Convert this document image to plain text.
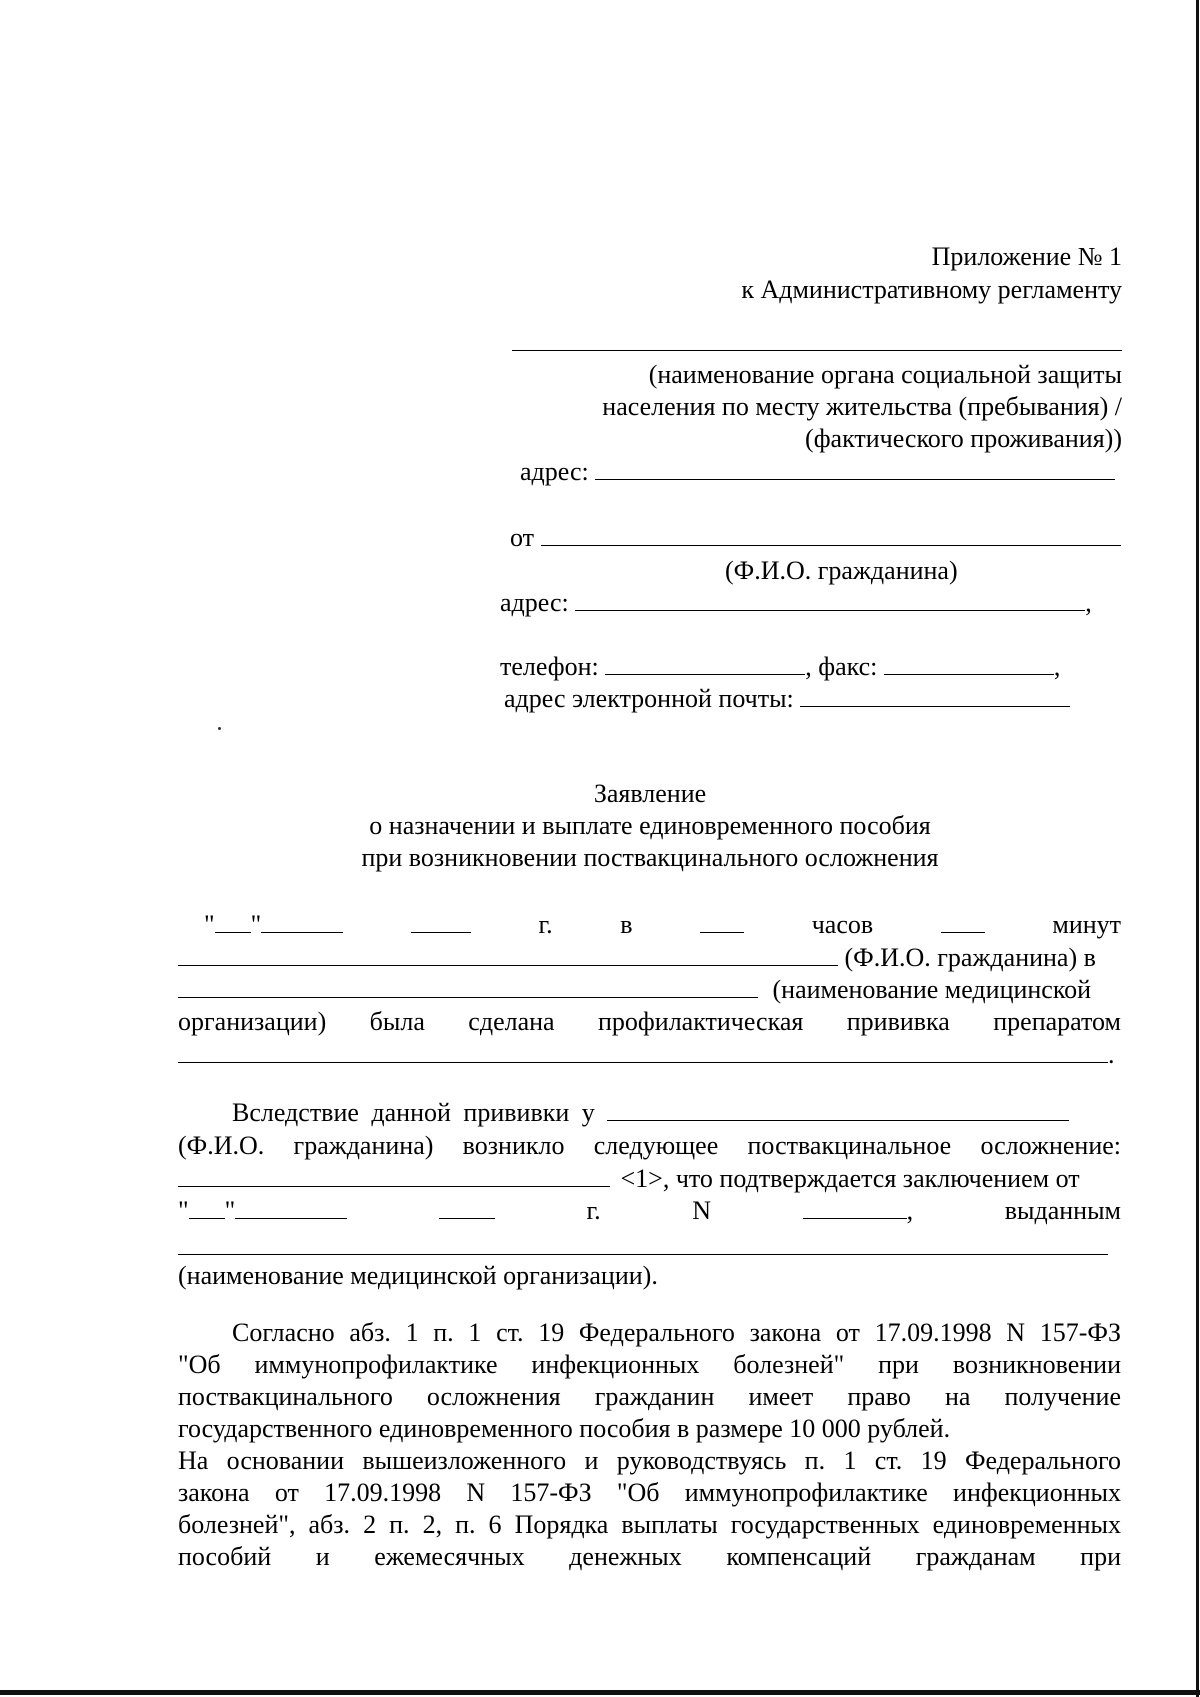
Приложение № 1
к Административному регламенту
(наименование органа социальной защиты
населения по месту жительства (пребывания) /
(фактического проживания))
адрес:
от
(Ф.И.О. гражданина)
адрес:	,
телефон:	, факс:	,
адрес электронной почты:
Заявление
о назначении и выплате единовременного пособия
при возникновении поствакцинального осложнения
" "	г.	в	часов	минут
(Ф.И.О. гражданина) в
(наименование медицинской
организации) была сделана профилактическая прививка препаратом
.
Вследствие данной прививки у
(Ф.И.О. гражданина) возникло следующее поствакцинальное осложнение:
<1>, что подтверждается заключением от
" "	г.	N	,	выданным
(наименование медицинской организации).
Согласно абз. 1 п. 1 ст. 19 Федерального закона от 17.09.1998 N 157-ФЗ
"Об иммунопрофилактике инфекционных болезней" при возникновении
поствакцинального осложнения гражданин имеет право на получение
государственного единовременного пособия в размере 10 000 рублей.
На основании вышеизложенного и руководствуясь п. 1 ст. 19 Федерального
закона от 17.09.1998 N 157-ФЗ "Об иммунопрофилактике инфекционных
болезней", абз. 2 п. 2, п. 6 Порядка выплаты государственных единовременных
пособий и ежемесячных денежных компенсаций гражданам при
